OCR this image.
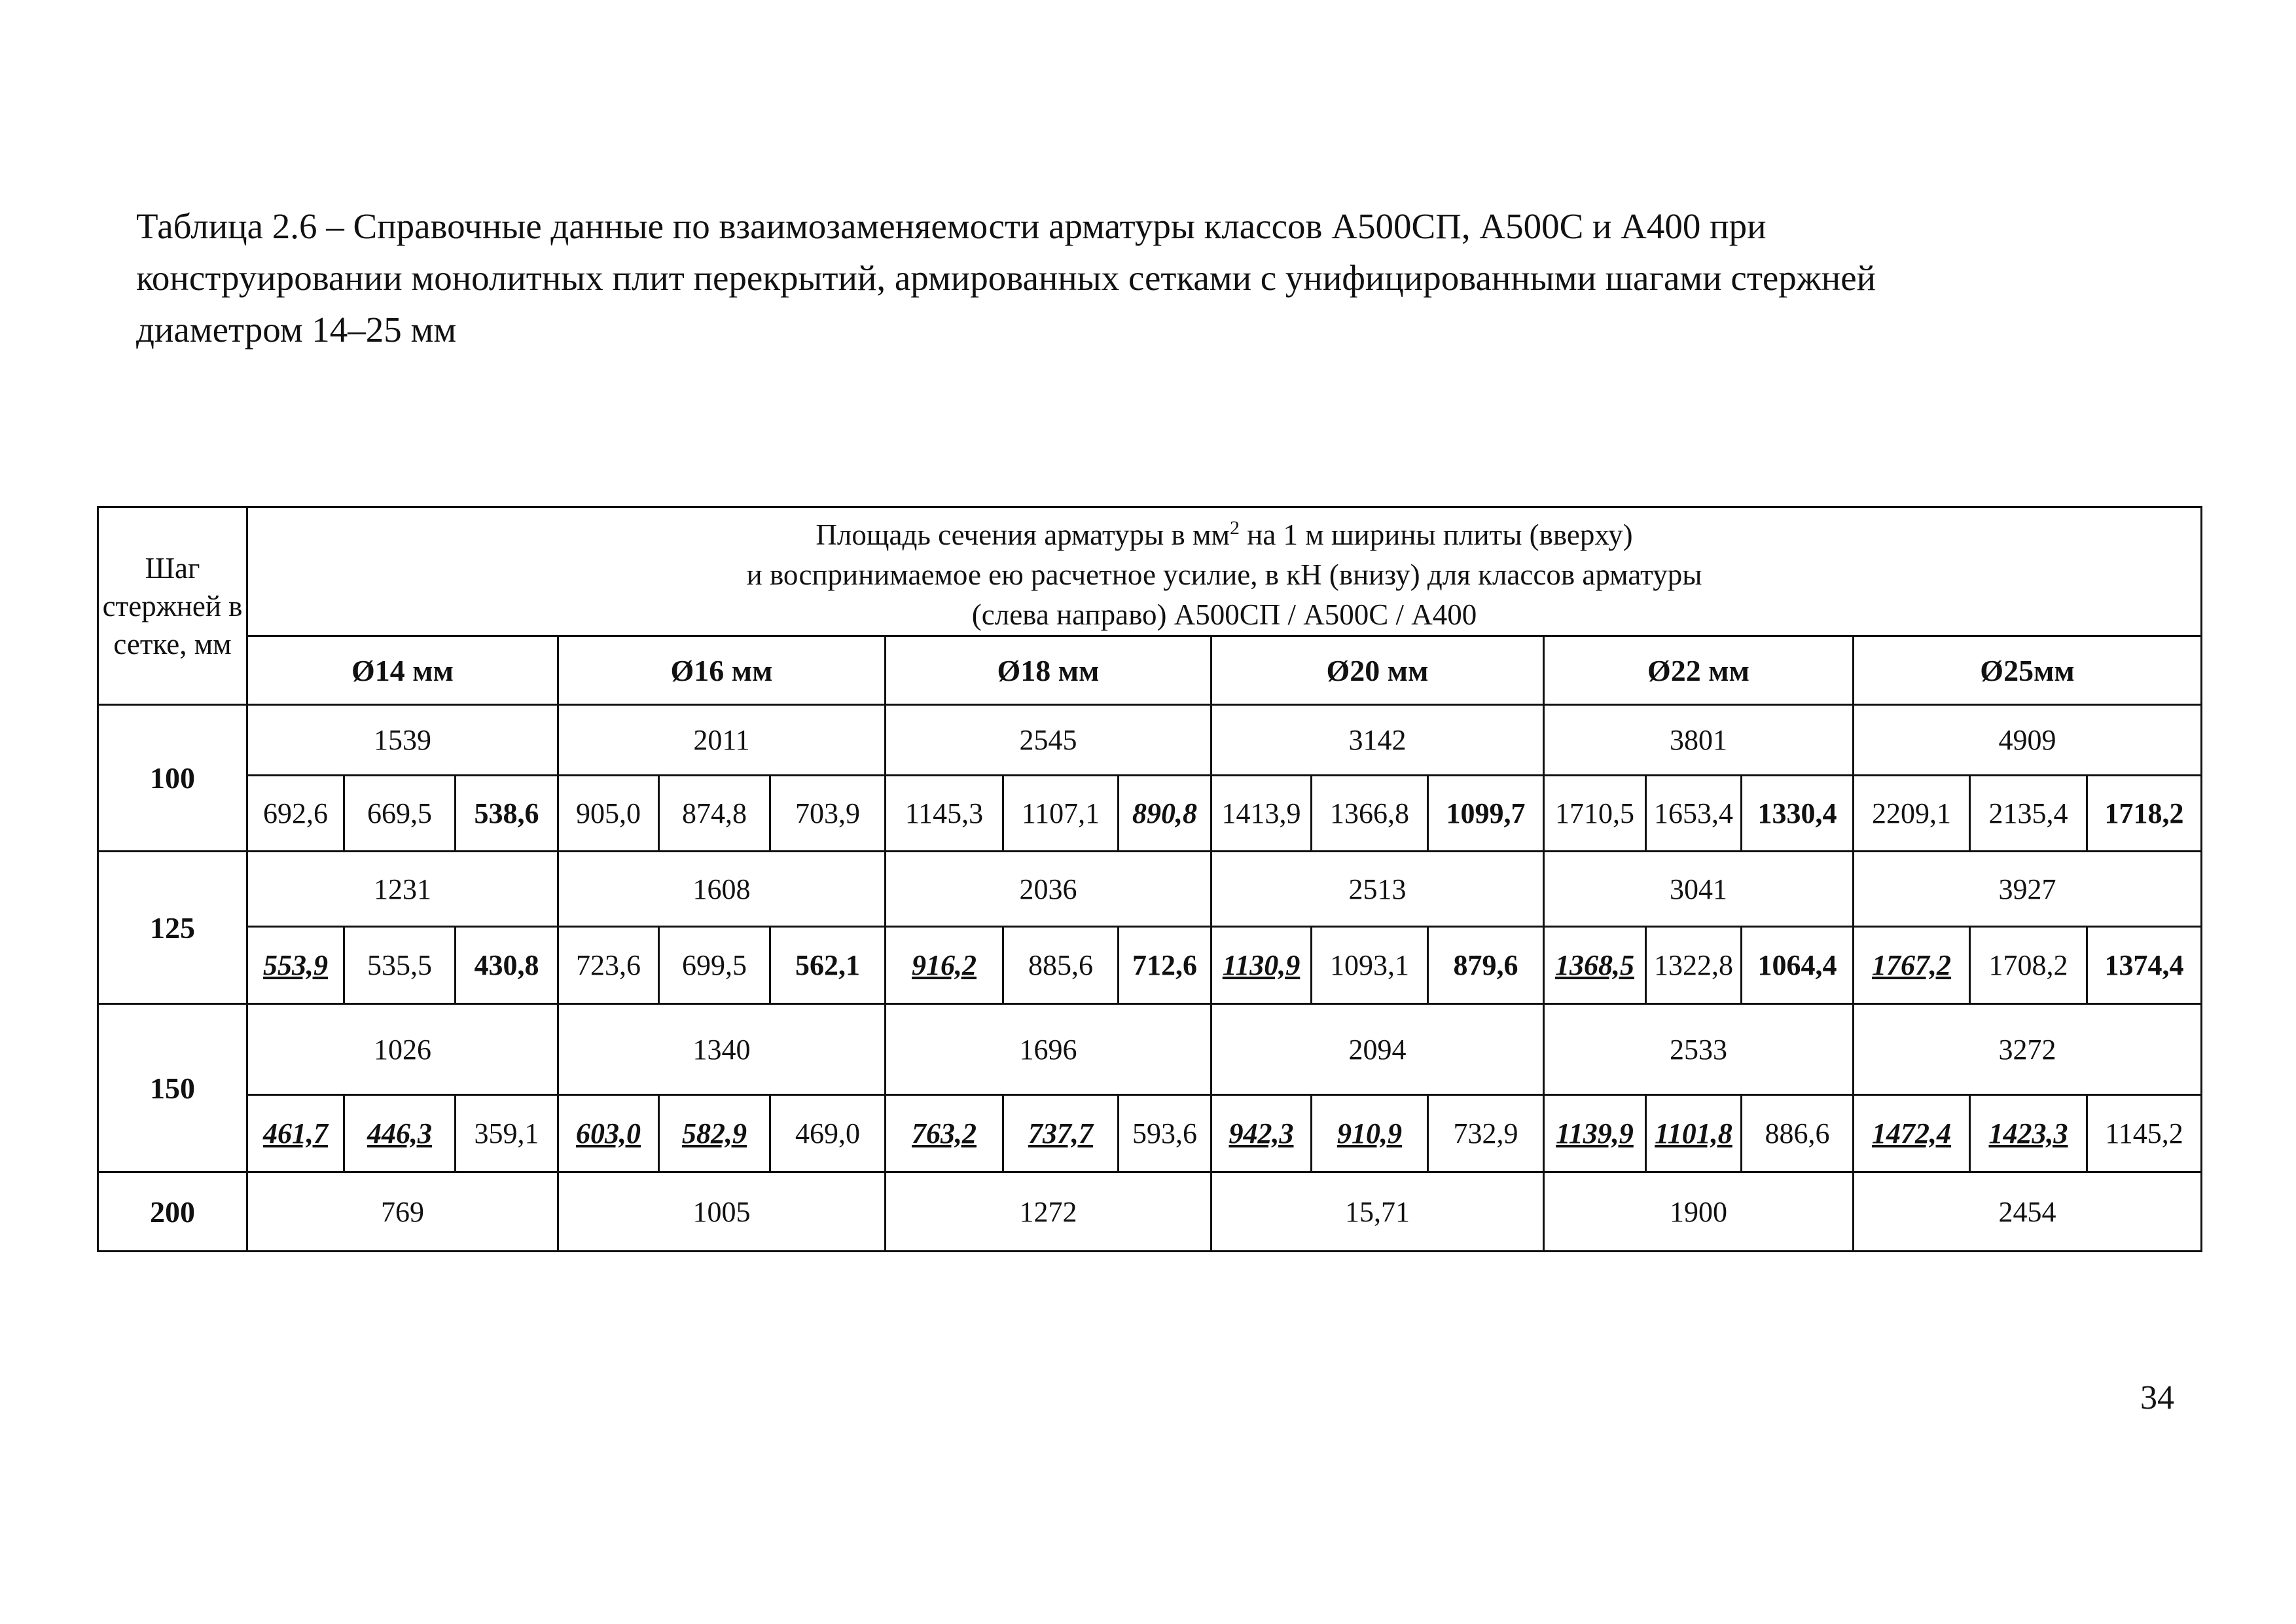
Таблица 2.6 – Справочные данные по взаимозаменяемости арматуры классов А500СП, А500С и А400 при
конструировании монолитных плит перекрытий, армированных сетками с унифицированными шагами стержней
диаметром 14–25 мм
Шаг стержней в сетке, мм	Площадь сечения арматуры в $мм^2$ на 1 м ширины плиты (вверху)
и воспринимаемое ею расчетное усилие, в кН (внизу) для классов арматуры
(слева направо) А500СП / А500С / А400																	

	Ø14 мм			Ø16 мм			Ø18 мм			Ø20 мм			Ø22 мм			Ø25мм		
100	1539			2011			2545			3142			3801			4909		
	692,6	669,5	538,6	905,0	874,8	703,9	1145,3	1107,1	890,8	1413,9	1366,8	1099,7	1710,5	1653,4	1330,4	2209,1	2135,4	1718,2
125	1231			1608			2036			2513			3041			3927		
	553,9	535,5	430,8	723,6	699,5	562,1	916,2	885,6	712,6	1130,9	1093,1	879,6	1368,5	1322,8	1064,4	1767,2	1708,2	1374,4
150	1026			1340			1696			2094			2533			3272		
	461,7	446,3	359,1	603,0	582,9	469,0	763,2	737,7	593,6	942,3	910,9	732,9	1139,9	1101,8	886,6	1472,4	1423,3	1145,2
200	769			1005			1272			15,71			1900			2454		
34
